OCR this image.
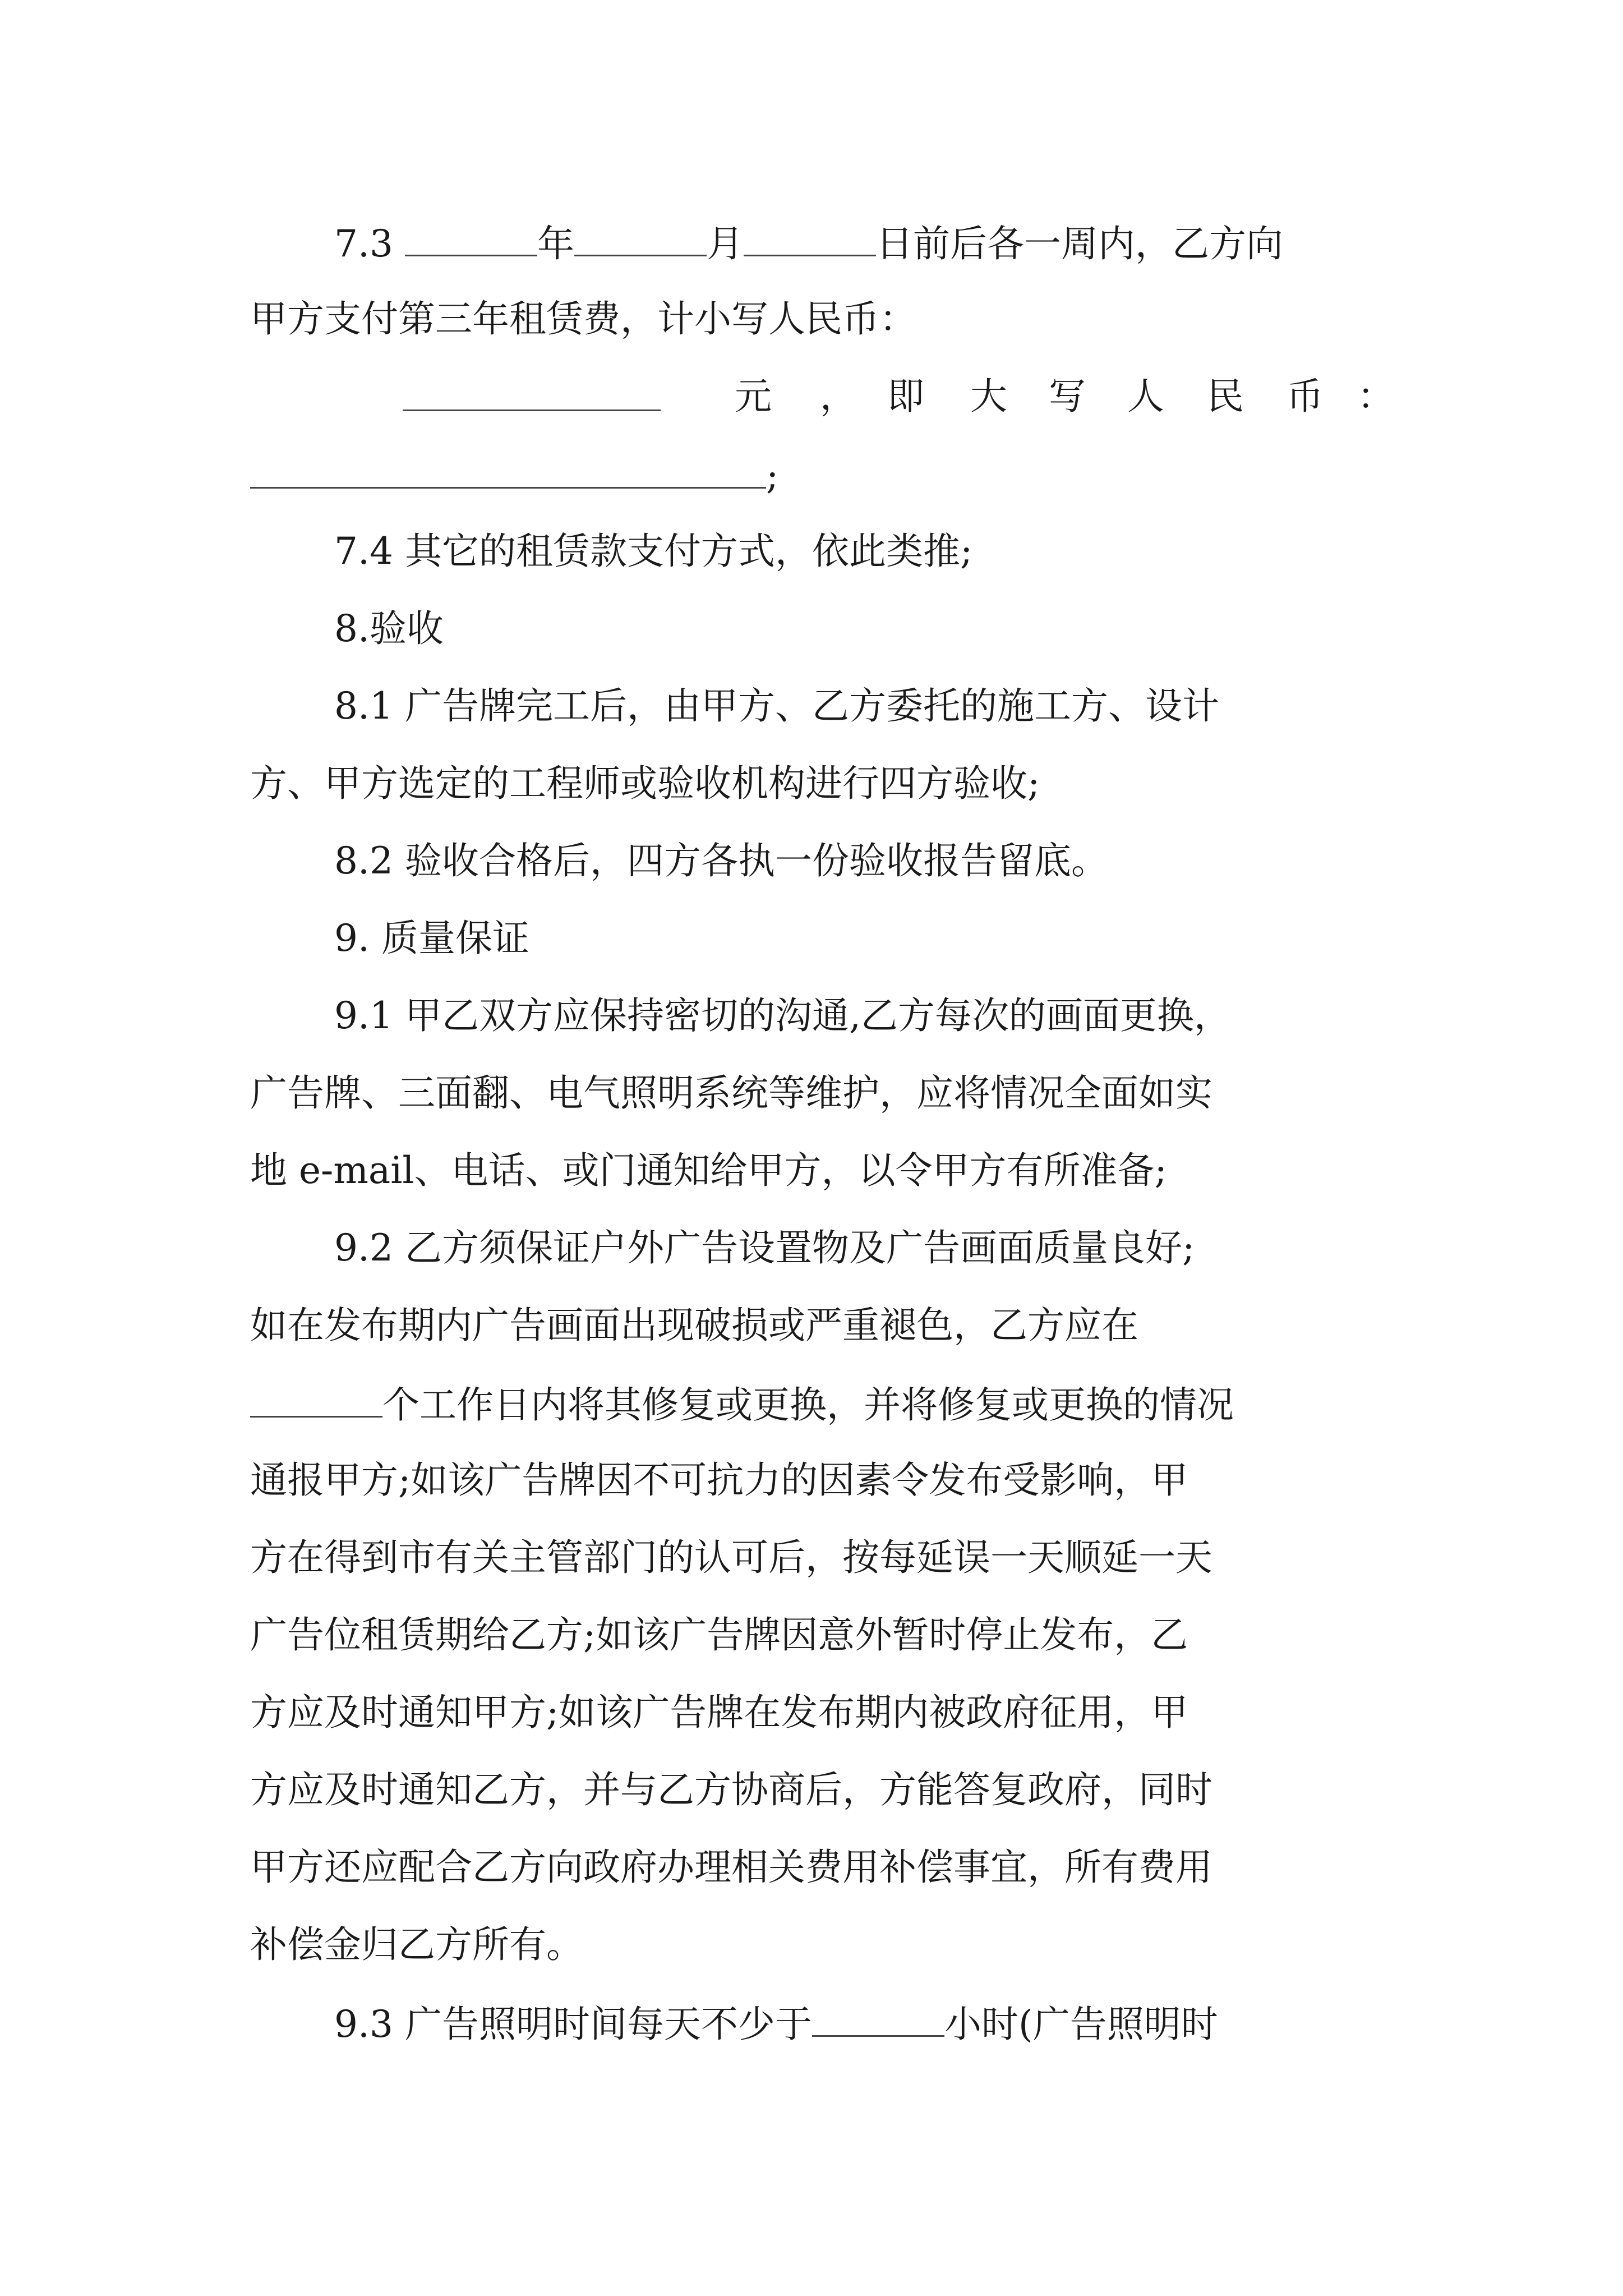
7.3	年	月	日前后各一周内，乙方向
甲方支付第三年租赁费，计小写人民币：
元 ， 即 大 写 人 民 币 ：
;
7.4 其它的租赁款支付方式，依此类推;
8.验收
8.1 广告牌完工后，由甲方、乙方委托的施工方、设计
方、甲方选定的工程师或验收机构进行四方验收;
8.2 验收合格后，四方各执一份验收报告留底。
9. 质量保证
9.1 甲乙双方应保持密切的沟通,乙方每次的画面更换，
广告牌、三面翻、电气照明系统等维护，应将情况全面如实
地 e-mail、电话、或门通知给甲方，以令甲方有所准备;
9.2 乙方须保证户外广告设置物及广告画面质量良好;
如在发布期内广告画面出现破损或严重褪色，乙方应在
个工作日内将其修复或更换，并将修复或更换的情况
通报甲方;如该广告牌因不可抗力的因素令发布受影响，甲
方在得到市有关主管部门的认可后，按每延误一天顺延一天
广告位租赁期给乙方;如该广告牌因意外暂时停止发布，乙
方应及时通知甲方;如该广告牌在发布期内被政府征用，甲
方应及时通知乙方，并与乙方协商后，方能答复政府，同时
甲方还应配合乙方向政府办理相关费用补偿事宜，所有费用
补偿金归乙方所有。
9.3 广告照明时间每天不少于	小时(广告照明时
